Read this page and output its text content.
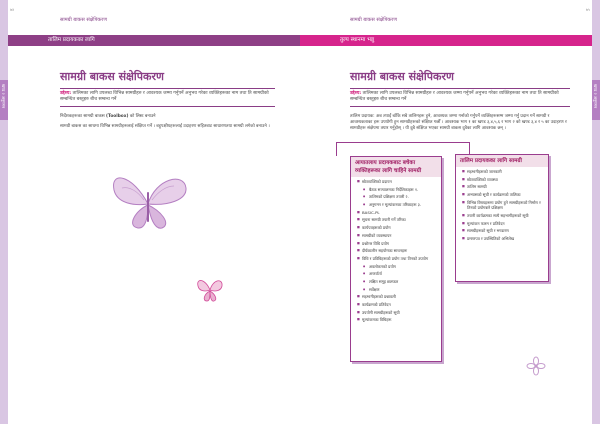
खण्ड २ अनुगमन	खण्ड २ अनुगमन
७४
सामग्री बाकस संक्षेपिकरण
तालिम प्रदायकका लागि
सामग्री बाकस संक्षेपिकरण
उद्देश्य: तालिमका लागि उपलब्ध विभिन्न सामग्रीहरु र आवश्यक जम्मा गर्नुपर्ने अनुभव गरेका व्यक्तिहरूका नाम तथा ति सामग्रीको सम्बन्धित बस्तुहरु बीच सम्बन्ध गर्ने
निर्देशकहरूका सामग्री बाकस (Toolbox) को लिस्ट बनाउने
सामग्री बाकस का साथमा विभिन्न सामग्रीहरूलाई संक्षिप्त गर्ने । बहुपक्षीयहरूलाई उदाहरण सहितबाट साधारणतया सामग्री लगेको बनाउने ।
७५
सामग्री बाकस संक्षेपिकरण
तुल्य स्थानमा भन्नु
सामग्री बाकस संक्षेपिकरण
उद्देश्य: तालिमका लागि उपलब्ध विभिन्न सामग्रीहरु र आवश्यक जम्मा गर्नुपर्ने अनुभव गरेका व्यक्तिहरूका नाम तथा ति सामग्रीको सम्बन्धित बस्तुहरु बीच सम्बन्ध गर्ने
तालिम प्रदायक: अब तपाईं बाँकि सबै तालिमहरू हुने, आवश्यक जम्मा गर्नाको गर्नुपर्ने व्यक्तिहरूसम्म जम्मा गर्नु प्रदान गर्ने सामग्री र आवश्यकताका हरू उपयोगी हुन सामग्रीहरूको संक्षिप्त गर्छौं । आवश्यक भाग १ का खण्ड ३,४,५,६ र भाग २ को खण्ड ३,४ र ५ का उदाहरण र सामग्रीहरू संक्षेपमा तयार गर्नुहोस् । यी दुबै संक्षिप्त भएका सामग्री बाकस दुवैका लागि आवश्यक छन् ।
आयातलाय प्रदायकबाट बचेका व्यक्तिहरूका लागि चाहिने सामग्री
■ स्रोतव्यक्तिको प्रदायन
● बैठक सञ्चालनका निर्देशिकाहरू १.
● तालिमको प्रशिक्षण तयारी २.
● अनुगमन र मूल्यांकनका तरिकाहरू ३.
■ BASIC-PL
■ सूचना सामग्री तयारी गर्ने तरिका
■ कार्यपत्रहरूको प्रयोग
■ सामग्रीको व्यवस्थापन
■ प्रश्नोत्तर विधि प्रयोग
■ दीर्घकालीन सहयोगका साधनहरू
■ विधि र प्रविधिहरूको प्रयोग तथा तिनको उपयोग
● अवलोकनको प्रयोग
● अन्तर्वार्ता
● लक्षित समूह छलफल
● सर्वेक्षण
■ सहभागीहरूको प्रश्नावली
■ कार्यक्रमको प्रतिवेदन
■ उपयोगी सामग्रीहरूको सूची
■ मूल्यांकनका विधिहरू
तालिम प्रदायकका लागि सामग्री
■ सहभागीहरूको जानकारी
■ स्रोतव्यक्तिको व्यवस्था
■ तालिम सामग्री
■ अभ्यासको सूची र कार्यक्रमको तालिका
■ विभिन्न विषयहरूमा प्रयोग हुने सामग्रीहरूको निर्माण र तिनको प्रयोगबारे प्रशिक्षण
■ तयारी कार्यक्रमका साथै सहभागीहरूको सूची
■ मूल्यांकन फारम र प्रतिवेदन
■ सामग्रीहरूको सूची र भण्डारण
■ प्रमाणपत्र र उपस्थितिको अभिलेख
